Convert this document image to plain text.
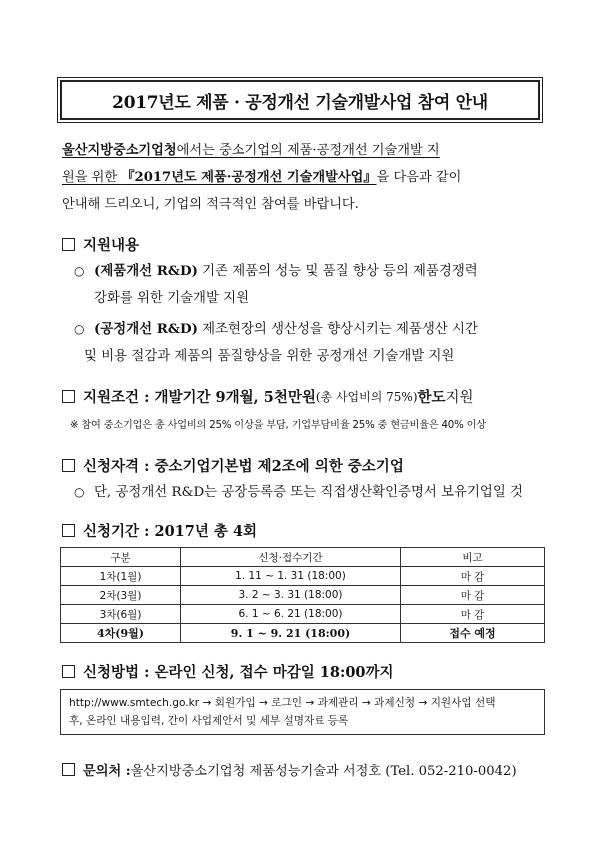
2017년도 제품 · 공정개선 기술개발사업 참여 안내
울산지방중소기업청에서는 중소기업의 제품·공정개선 기술개발 지
원을 위한 『2017년도 제품·공정개선 기술개발사업』을 다음과 같이
안내해 드리오니, 기업의 적극적인 참여를 바랍니다.
지원내용
○ (제품개선 R&D) 기존 제품의 성능 및 품질 향상 등의 제품경쟁력
강화를 위한 기술개발 지원
○ (공정개선 R&D) 제조현장의 생산성을 향상시키는 제품생산 시간
및 비용 절감과 제품의 품질향상을 위한 공정개선 기술개발 지원
지원조건 : 개발기간 9개월, 5천만원 (총 사업비의 75%) 한도 지원
※ 참여 중소기업은 총 사업비의 25% 이상을 부담, 기업부담비율 25% 중 현금비율은 40% 이상
신청자격 : 중소기업기본법 제2조에 의한 중소기업
○ 단, 공정개선 R&D는 공장등록증 또는 직접생산확인증명서 보유기업일 것
신청기간 : 2017년 총 4회
구분	신청·접수기간	비고
1차(1월)	1. 11 ~ 1. 31 (18:00)	마 감
2차(3월)	3. 2 ~ 3. 31 (18:00)	마 감
3차(6월)	6. 1 ~ 6. 21 (18:00)	마 감
4차(9월)	9. 1 ~ 9. 21 (18:00)	접수 예정
신청방법 : 온라인 신청, 접수 마감일 18:00까지
http://www.smtech.go.kr → 회원가입 → 로그인 → 과제관리 → 과제신청 → 지원사업 선택
후, 온라인 내용입력, 간이 사업제안서 및 세부 설명자료 등록
문의처 : 울산지방중소기업청 제품성능기술과 서정호 (Tel. 052-210-0042)
